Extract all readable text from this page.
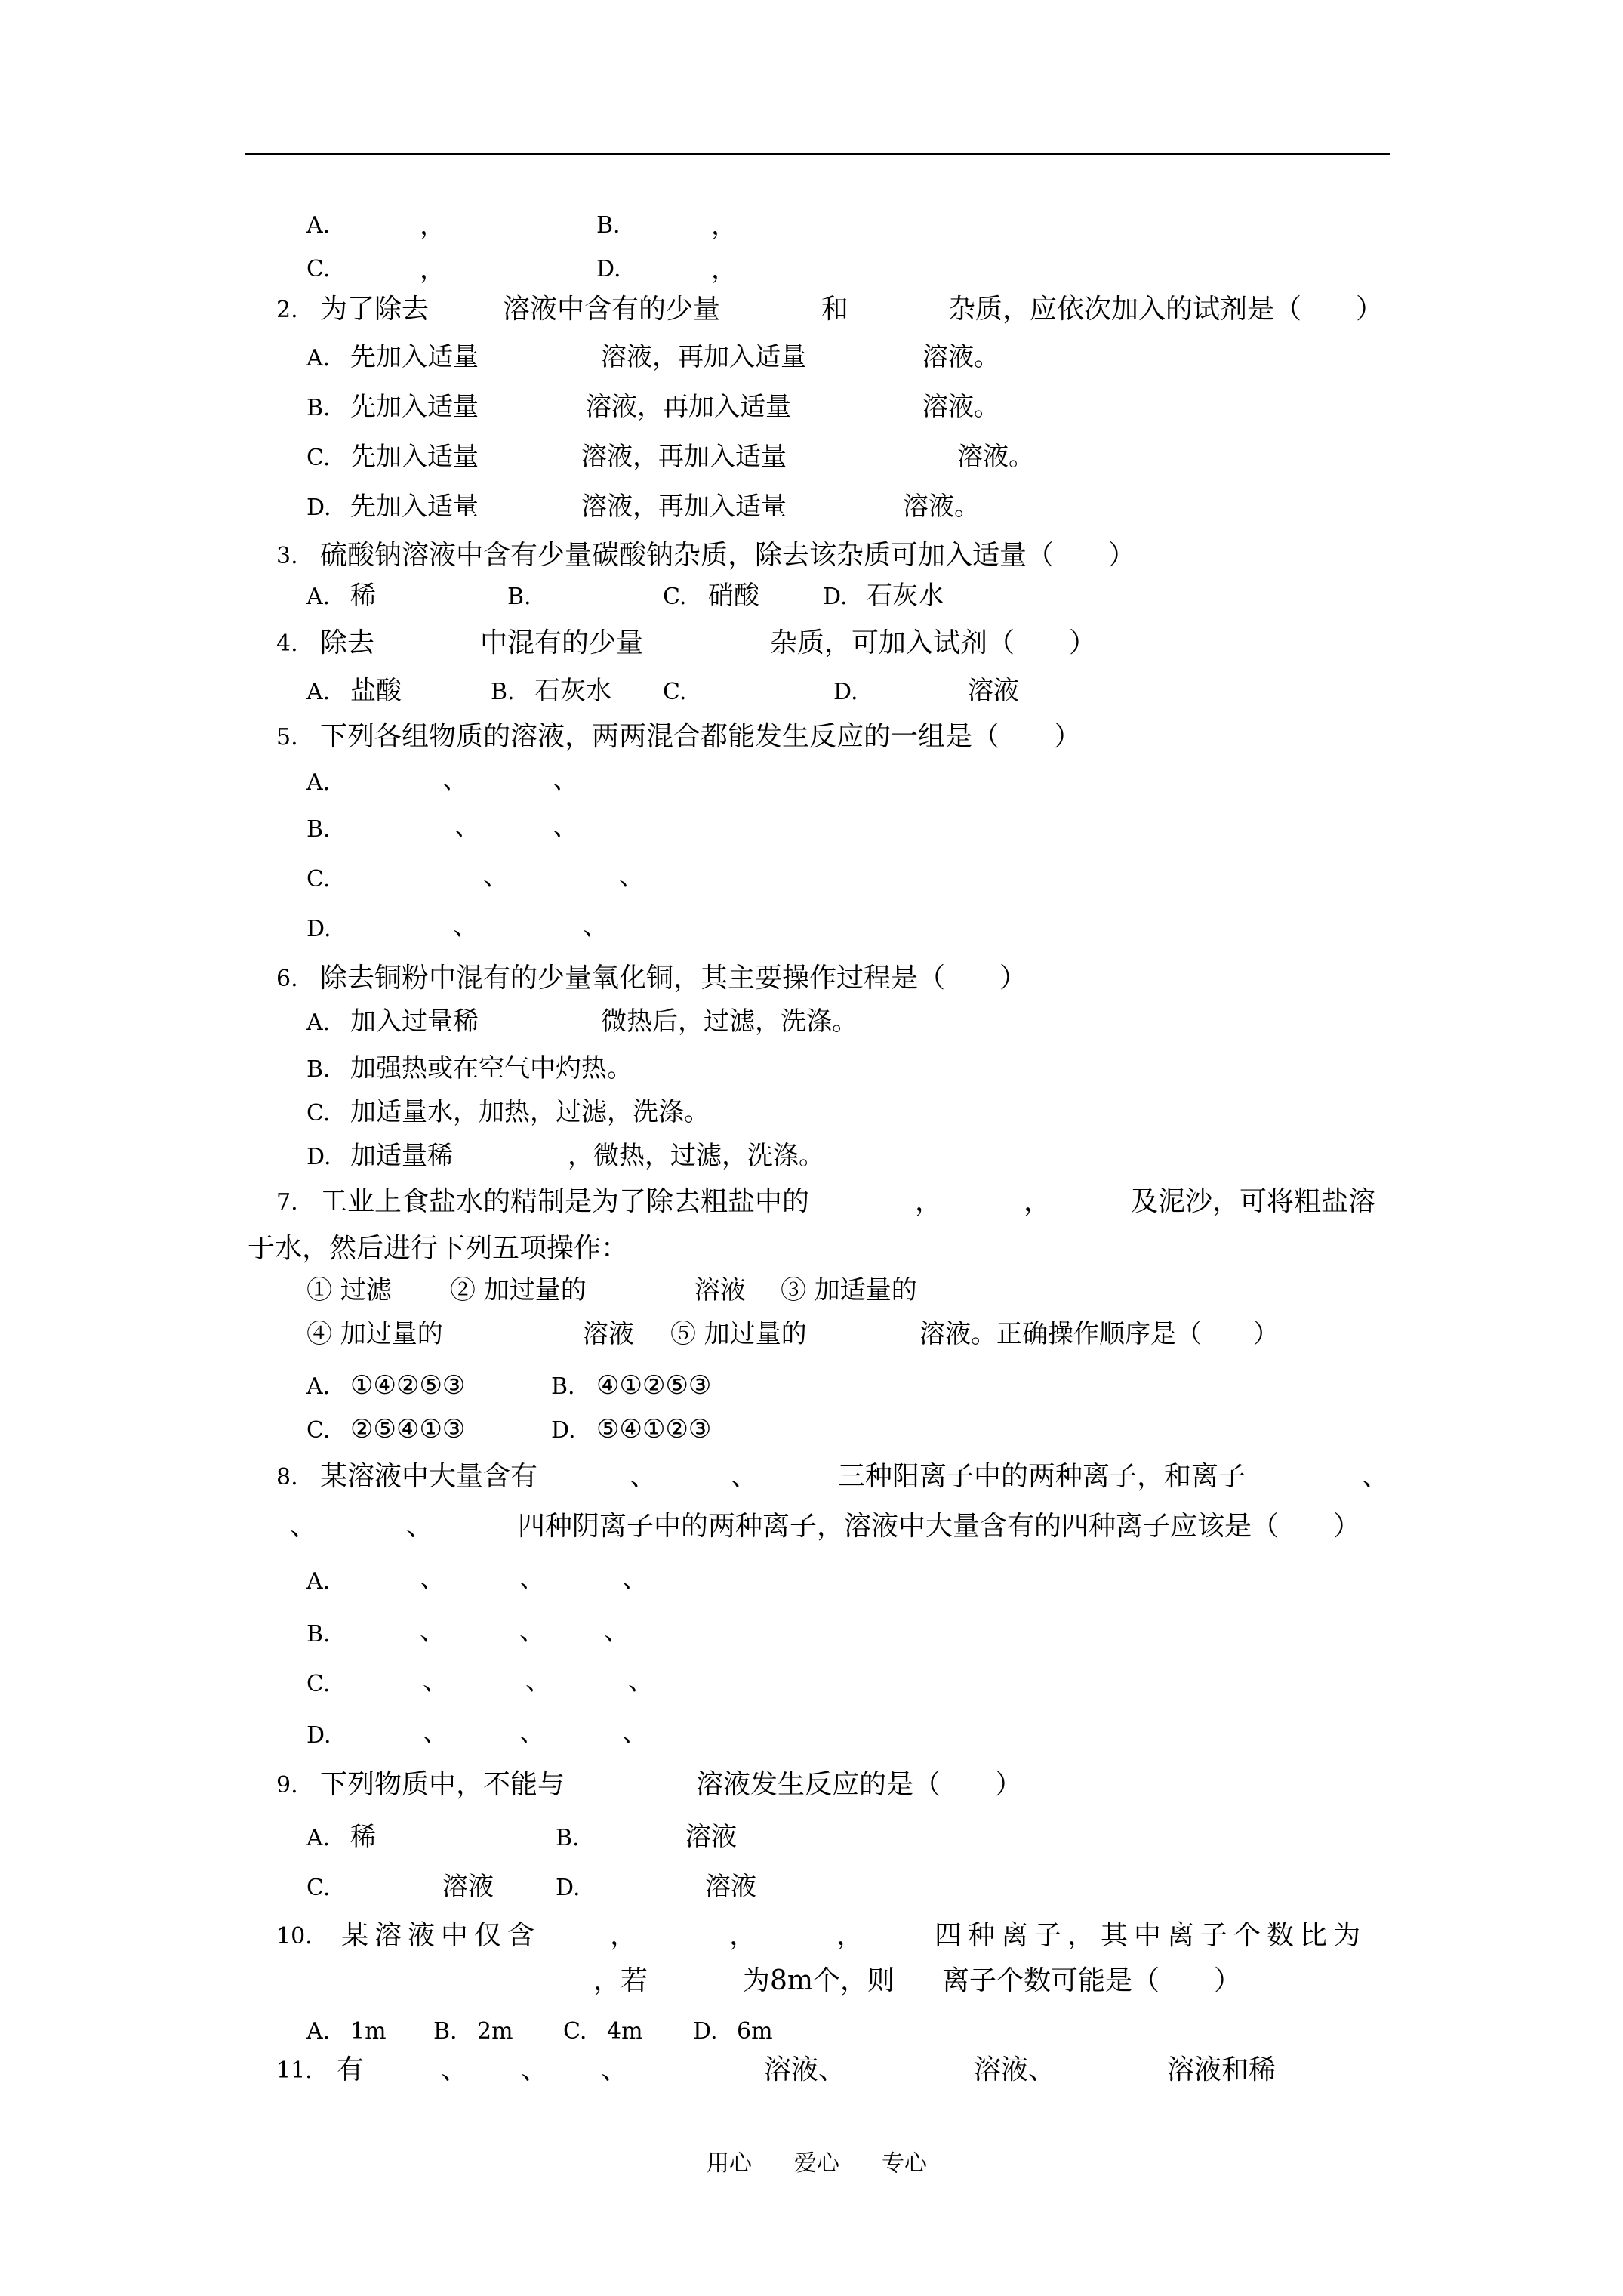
A.	，	B.	，
C.	，	D.	，
2. 为了除去	溶液中含有的少量	和	杂质，应依次加入的试剂是（　　）
A. 先加入适量	溶液，再加入适量	溶液。
B. 先加入适量	溶液，再加入适量	溶液。
C. 先加入适量	溶液，再加入适量	溶液。
D. 先加入适量	溶液，再加入适量	溶液。
3. 硫酸钠溶液中含有少量碳酸钠杂质，除去该杂质可加入适量（　　）
A. 稀	B.	C. 硝酸	D. 石灰水
4. 除去	中混有的少量	杂质，可加入试剂（　　）
A. 盐酸	B. 石灰水 C.	D.	溶液
5. 下列各组物质的溶液，两两混合都能发生反应的一组是（　　）
A.	、	、
B.	、	、
C.	、	、
D.	、	、
6. 除去铜粉中混有的少量氧化铜，其主要操作过程是（　　）
A. 加入过量稀	微热后，过滤，洗涤。
B. 加强热或在空气中灼热。
C. 加适量水，加热，过滤，洗涤。
D. 加适量稀	，微热，过滤，洗涤。
7. 工业上食盐水的精制是为了除去粗盐中的	，	，	及泥沙，可将粗盐溶
于水，然后进行下列五项操作：
① 过滤 ② 加过量的	溶液 ③ 加适量的
④ 加过量的	溶液 ⑤ 加过量的	溶液。正确操作顺序是（　　）
A. ①④②⑤③	B. ④①②⑤③
C. ②⑤④①③	D. ⑤④①②③
8. 某溶液中大量含有	、	、	三种阳离子中的两种离子，和离子	、
、	、	四种阴离子中的两种离子，溶液中大量含有的四种离子应该是（　　）
A.	、	、	、
B.	、	、 、
C.	、	、	、
D.	、	、	、
9. 下列物质中，不能与	溶液发生反应的是（　　）
A. 稀	B.	溶液
C.	溶液	D.	溶液
10. 某溶液中仅含	，	，	，	四种离子，其中离子个数比为
，若	为8m个，则 离子个数可能是（　　）
A. 1m B. 2m C. 4m D. 6m
11. 有	、 、 、	溶液、	溶液、	溶液和稀
用心 爱心 专心
